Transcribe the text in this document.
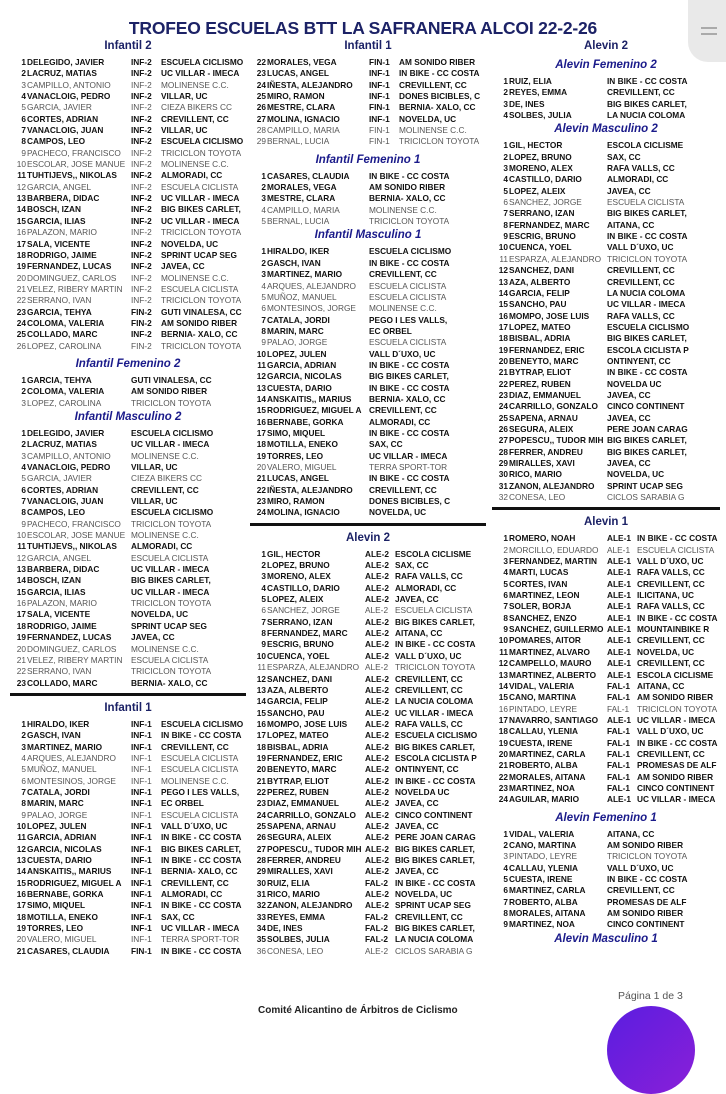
TROFEO ESCUELAS BTT LA SAFRANERA ALCOI 22-2-26
Infantil 2
1 DELEGIDO, JAVIER	INF-2	ESCUELA CICLISMO
2 LACRUZ, MATIAS	INF-2	UC VILLAR - IMECA
3 CAMPILLO, ANTONIO	INF-2	MOLINENSE C.C.
4 VANACLOIG, PEDRO	INF-2	VILLAR, UC
5 GARCIA, JAVIER	INF-2	CIEZA BIKERS CC
6 CORTES, ADRIAN	INF-2	CREVILLENT, CC
7 VANACLOIG, JUAN	INF-2	VILLAR, UC
8 CAMPOS, LEO	INF-2	ESCUELA CICLISMO
9 PACHECO, FRANCISCO	INF-2	TRICICLON TOYOTA
10 ESCOLAR, JOSE MANUE INF-2	MOLINENSE C.C.
11 TUHTIJEVS,, NIKOLAS	INF-2	ALMORADI, CC
12 GARCIA, ANGEL	INF-2	ESCUELA CICLISTA
13 BARBERA, DIDAC	INF-2	UC VILLAR - IMECA
14 BOSCH, IZAN	INF-2	BIG BIKES CARLET,
15 GARCIA, ILIAS	INF-2	UC VILLAR - IMECA
16 PALAZON, MARIO	INF-2	TRICICLON TOYOTA
17 SALA, VICENTE	INF-2	NOVELDA, UC
18 RODRIGO, JAIME	INF-2	SPRINT UCAP SEG
19 FERNANDEZ, LUCAS	INF-2	JAVEA, CC
20 DOMINGUEZ, CARLOS	INF-2	MOLINENSE C.C.
21 VELEZ, RIBERY MARTIN	INF-2	ESCUELA CICLISTA
22 SERRANO, IVAN	INF-2	TRICICLON TOYOTA
23 GARCIA, TEHYA	FIN-2	GUTI VINALESA, CC
24 COLOMA, VALERIA	FIN-2	AM SONIDO RIBER
25 COLLADO, MARC	INF-2	BERNIA- XALO, CC
26 LOPEZ, CAROLINA	FIN-2	TRICICLON TOYOTA
Infantil Femenino 2
1 GARCIA, TEHYA	GUTI VINALESA, CC
2 COLOMA, VALERIA	AM SONIDO RIBER
3 LOPEZ, CAROLINA	TRICICLON TOYOTA
Infantil Masculino 2
1 DELEGIDO, JAVIER	ESCUELA CICLISMO
2 LACRUZ, MATIAS	UC VILLAR - IMECA
3 CAMPILLO, ANTONIO	MOLINENSE C.C.
4 VANACLOIG, PEDRO	VILLAR, UC
5 GARCIA, JAVIER	CIEZA BIKERS CC
6 CORTES, ADRIAN	CREVILLENT, CC
7 VANACLOIG, JUAN	VILLAR, UC
8 CAMPOS, LEO	ESCUELA CICLISMO
9 PACHECO, FRANCISCO	TRICICLON TOYOTA
10 ESCOLAR, JOSE MANUE MOLINENSE C.C.
11 TUHTIJEVS,, NIKOLAS	ALMORADI, CC
12 GARCIA, ANGEL	ESCUELA CICLISTA
13 BARBERA, DIDAC	UC VILLAR - IMECA
14 BOSCH, IZAN	BIG BIKES CARLET,
15 GARCIA, ILIAS	UC VILLAR - IMECA
16 PALAZON, MARIO	TRICICLON TOYOTA
17 SALA, VICENTE	NOVELDA, UC
18 RODRIGO, JAIME	SPRINT UCAP SEG
19 FERNANDEZ, LUCAS	JAVEA, CC
20 DOMINGUEZ, CARLOS	MOLINENSE C.C.
21 VELEZ, RIBERY MARTIN	ESCUELA CICLISTA
22 SERRANO, IVAN	TRICICLON TOYOTA
23 COLLADO, MARC	BERNIA- XALO, CC
Infantil 1
1 HIRALDO, IKER	INF-1	ESCUELA CICLISMO
2 GASCH, IVAN	INF-1	IN BIKE - CC COSTA
3 MARTINEZ, MARIO	INF-1	CREVILLENT, CC
4 ARQUES, ALEJANDRO	INF-1	ESCUELA CICLISTA
5 MUÑOZ, MANUEL	INF-1	ESCUELA CICLISTA
6 MONTESINOS, JORGE	INF-1	MOLINENSE C.C.
7 CATALA, JORDI	INF-1	PEGO I LES VALLS,
8 MARIN, MARC	INF-1	EC ORBEL
9 PALAO, JORGE	INF-1	ESCUELA CICLISTA
10 LOPEZ, JULEN	INF-1	VALL D´UXO, UC
11 GARCIA, ADRIAN	INF-1	IN BIKE - CC COSTA
12 GARCIA, NICOLAS	INF-1	BIG BIKES CARLET,
13 CUESTA, DARIO	INF-1	IN BIKE - CC COSTA
14 ANSKAITIS,, MARIUS	INF-1	BERNIA- XALO, CC
15 RODRIGUEZ, MIGUEL A	INF-1	CREVILLENT, CC
16 BERNABE, GORKA	INF-1	ALMORADI, CC
17 SIMO, MIQUEL	INF-1	IN BIKE - CC COSTA
18 MOTILLA, ENEKO	INF-1	SAX, CC
19 TORRES, LEO	INF-1	UC VILLAR - IMECA
20 VALERO, MIGUEL	INF-1	TERRA SPORT-TOR
21 CASARES, CLAUDIA	FIN-1	IN BIKE - CC COSTA
Infantil 1
22 MORALES, VEGA	FIN-1	AM SONIDO RIBER
23 LUCAS, ANGEL	INF-1	IN BIKE - CC COSTA
24 IÑESTA, ALEJANDRO	INF-1	CREVILLENT, CC
25 MIRO, RAMON	INF-1	DONES BICIBLES, C
26 MESTRE, CLARA	FIN-1	BERNIA- XALO, CC
27 MOLINA, IGNACIO	INF-1	NOVELDA, UC
28 CAMPILLO, MARIA	FIN-1	MOLINENSE C.C.
29 BERNAL, LUCIA	FIN-1	TRICICLON TOYOTA
Infantil Femenino 1
1 CASARES, CLAUDIA	IN BIKE - CC COSTA
2 MORALES, VEGA	AM SONIDO RIBER
3 MESTRE, CLARA	BERNIA- XALO, CC
4 CAMPILLO, MARIA	MOLINENSE C.C.
5 BERNAL, LUCIA	TRICICLON TOYOTA
Infantil Masculino 1
1 HIRALDO, IKER	ESCUELA CICLISMO
2 GASCH, IVAN	IN BIKE - CC COSTA
3 MARTINEZ, MARIO	CREVILLENT, CC
4 ARQUES, ALEJANDRO	ESCUELA CICLISTA
5 MUÑOZ, MANUEL	ESCUELA CICLISTA
6 MONTESINOS, JORGE	MOLINENSE C.C.
7 CATALA, JORDI	PEGO I LES VALLS,
8 MARIN, MARC	EC ORBEL
9 PALAO, JORGE	ESCUELA CICLISTA
10 LOPEZ, JULEN	VALL D´UXO, UC
11 GARCIA, ADRIAN	IN BIKE - CC COSTA
12 GARCIA, NICOLAS	BIG BIKES CARLET,
13 CUESTA, DARIO	IN BIKE - CC COSTA
14 ANSKAITIS,, MARIUS	BERNIA- XALO, CC
15 RODRIGUEZ, MIGUEL A CREVILLENT, CC
16 BERNABE, GORKA	ALMORADI, CC
17 SIMO, MIQUEL	IN BIKE - CC COSTA
18 MOTILLA, ENEKO	SAX, CC
19 TORRES, LEO	UC VILLAR - IMECA
20 VALERO, MIGUEL	TERRA SPORT-TOR
21 LUCAS, ANGEL	IN BIKE - CC COSTA
22 IÑESTA, ALEJANDRO	CREVILLENT, CC
23 MIRO, RAMON	DONES BICIBLES, C
24 MOLINA, IGNACIO	NOVELDA, UC
Alevin 2
1 GIL, HECTOR	ALE-2 ESCOLA CICLISME
2 LOPEZ, BRUNO	ALE-2 SAX, CC
3 MORENO, ALEX	ALE-2 RAFA VALLS, CC
4 CASTILLO, DARIO	ALE-2 ALMORADI, CC
5 LOPEZ, ALEIX	ALE-2 JAVEA, CC
6 SANCHEZ, JORGE	ALE-2 ESCUELA CICLISTA
7 SERRANO, IZAN	ALE-2 BIG BIKES CARLET,
8 FERNANDEZ, MARC	ALE-2 AITANA, CC
9 ESCRIG, BRUNO	ALE-2 IN BIKE - CC COSTA
10 CUENCA, YOEL	ALE-2 VALL D´UXO, UC
11 ESPARZA, ALEJANDRO ALE-2 TRICICLON TOYOTA
12 SANCHEZ, DANI	ALE-2 CREVILLENT, CC
13 AZA, ALBERTO	ALE-2 CREVILLENT, CC
14 GARCIA, FELIP	ALE-2 LA NUCIA COLOMA
15 SANCHO, PAU	ALE-2 UC VILLAR - IMECA
16 MOMPO, JOSE LUIS	ALE-2 RAFA VALLS, CC
17 LOPEZ, MATEO	ALE-2 ESCUELA CICLISMO
18 BISBAL, ADRIA	ALE-2 BIG BIKES CARLET,
19 FERNANDEZ, ERIC	ALE-2 ESCOLA CICLISTA P
20 BENEYTO, MARC	ALE-2 ONTINYENT, CC
21 BYTRAP, ELIOT	ALE-2 IN BIKE - CC COSTA
22 PEREZ, RUBEN	ALE-2 NOVELDA UC
23 DIAZ, EMMANUEL	ALE-2 JAVEA, CC
24 CARRILLO, GONZALO	ALE-2 CINCO CONTINENT
25 SAPENA, ARNAU	ALE-2 JAVEA, CC
26 SEGURA, ALEIX	ALE-2 PERE JOAN CARAG
27 POPESCU,, TUDOR MIH ALE-2 BIG BIKES CARLET,
28 FERRER, ANDREU	ALE-2 BIG BIKES CARLET,
29 MIRALLES, XAVI	ALE-2 JAVEA, CC
30 RUIZ, ELIA	FAL-2 IN BIKE - CC COSTA
31 RICO, MARIO	ALE-2 NOVELDA, UC
32 ZANON, ALEJANDRO	ALE-2 SPRINT UCAP SEG
33 REYES, EMMA	FAL-2 CREVILLENT, CC
34 DE, INES	FAL-2 BIG BIKES CARLET,
35 SOLBES, JULIA	FAL-2 LA NUCIA COLOMA
36 CONESA, LEO	ALE-2 CICLOS SARABIA G
Alevin 2
Alevin Femenino 2
1 RUIZ, ELIA	IN BIKE - CC COSTA
2 REYES, EMMA	CREVILLENT, CC
3 DE, INES	BIG BIKES CARLET,
4 SOLBES, JULIA	LA NUCIA COLOMA
Alevin Masculino 2
1 GIL, HECTOR	ESCOLA CICLISME
2 LOPEZ, BRUNO	SAX, CC
3 MORENO, ALEX	RAFA VALLS, CC
4 CASTILLO, DARIO	ALMORADI, CC
5 LOPEZ, ALEIX	JAVEA, CC
6 SANCHEZ, JORGE	ESCUELA CICLISTA
7 SERRANO, IZAN	BIG BIKES CARLET,
8 FERNANDEZ, MARC	AITANA, CC
9 ESCRIG, BRUNO	IN BIKE - CC COSTA
10 CUENCA, YOEL	VALL D´UXO, UC
11 ESPARZA, ALEJANDRO TRICICLON TOYOTA
12 SANCHEZ, DANI	CREVILLENT, CC
13 AZA, ALBERTO	CREVILLENT, CC
14 GARCIA, FELIP	LA NUCIA COLOMA
15 SANCHO, PAU	UC VILLAR - IMECA
16 MOMPO, JOSE LUIS	RAFA VALLS, CC
17 LOPEZ, MATEO	ESCUELA CICLISMO
18 BISBAL, ADRIA	BIG BIKES CARLET,
19 FERNANDEZ, ERIC	ESCOLA CICLISTA P
20 BENEYTO, MARC	ONTINYENT, CC
21 BYTRAP, ELIOT	IN BIKE - CC COSTA
22 PEREZ, RUBEN	NOVELDA UC
23 DIAZ, EMMANUEL	JAVEA, CC
24 CARRILLO, GONZALO	CINCO CONTINENT
25 SAPENA, ARNAU	JAVEA, CC
26 SEGURA, ALEIX	PERE JOAN CARAG
27 POPESCU,, TUDOR MIH BIG BIKES CARLET,
28 FERRER, ANDREU	BIG BIKES CARLET,
29 MIRALLES, XAVI	JAVEA, CC
30 RICO, MARIO	NOVELDA, UC
31 ZANON, ALEJANDRO	SPRINT UCAP SEG
32 CONESA, LEO	CICLOS SARABIA G
Alevin 1
1 ROMERO, NOAH	ALE-1 IN BIKE - CC COSTA
2 MORCILLO, EDUARDO	ALE-1 ESCUELA CICLISTA
3 FERNANDEZ, MARTIN	ALE-1 VALL D´UXO, UC
4 MARTI, LUCAS	ALE-1 RAFA VALLS, CC
5 CORTES, IVAN	ALE-1 CREVILLENT, CC
6 MARTINEZ, LEON	ALE-1 ILICITANA, UC
7 SOLER, BORJA	ALE-1 RAFA VALLS, CC
8 SANCHEZ, ENZO	ALE-1 IN BIKE - CC COSTA
9 SANCHEZ, GUILLERMO ALE-1 MOUNTAINBIKE R
10 POMARES, AITOR	ALE-1 CREVILLENT, CC
11 MARTINEZ, ALVARO	ALE-1 NOVELDA, UC
12 CAMPELLO, MAURO	ALE-1 CREVILLENT, CC
13 MARTINEZ, ALBERTO	ALE-1 ESCOLA CICLISME
14 VIDAL, VALERIA	FAL-1 AITANA, CC
15 CANO, MARTINA	FAL-1 AM SONIDO RIBER
16 PINTADO, LEYRE	FAL-1 TRICICLON TOYOTA
17 NAVARRO, SANTIAGO	ALE-1 UC VILLAR - IMECA
18 CALLAU, YLENIA	FAL-1 VALL D´UXO, UC
19 CUESTA, IRENE	FAL-1 IN BIKE - CC COSTA
20 MARTINEZ, CARLA	FAL-1 CREVILLENT, CC
21 ROBERTO, ALBA	FAL-1 PROMESAS DE ALF
22 MORALES, AITANA	FAL-1 AM SONIDO RIBER
23 MARTINEZ, NOA	FAL-1 CINCO CONTINENT
24 AGUILAR, MARIO	ALE-1 UC VILLAR - IMECA
Alevin Femenino 1
1 VIDAL, VALERIA	AITANA, CC
2 CANO, MARTINA	AM SONIDO RIBER
3 PINTADO, LEYRE	TRICICLON TOYOTA
4 CALLAU, YLENIA	VALL D´UXO, UC
5 CUESTA, IRENE	IN BIKE - CC COSTA
6 MARTINEZ, CARLA	CREVILLENT, CC
7 ROBERTO, ALBA	PROMESAS DE ALF
8 MORALES, AITANA	AM SONIDO RIBER
9 MARTINEZ, NOA	CINCO CONTINENT
Alevin Masculino 1
Comité Alicantino de Árbitros de Ciclismo
Página 1 de 3
